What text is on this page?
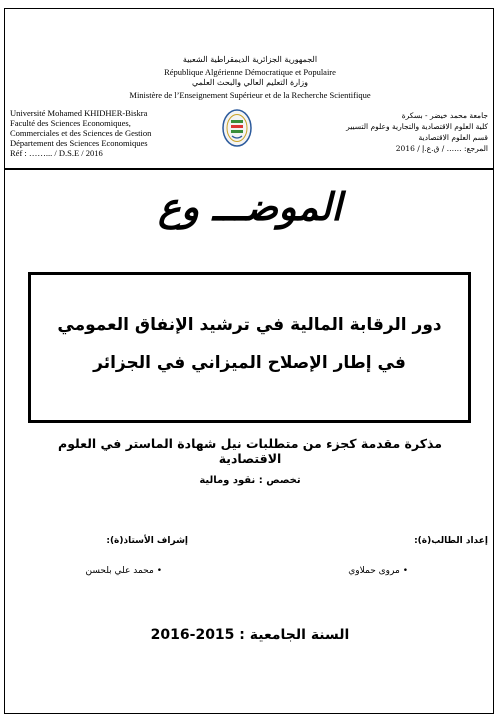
الجمهورية الجزائرية الديمقراطية الشعبية
République Algérienne Démocratique et Populaire
وزارة التعليم العالي والبحث العلمي
Ministère de l’Enseignement Supérieur et de la Recherche Scientifique
Université Mohamed KHIDHER-Biskra
Faculté des Sciences Economiques,
Commerciales et des Sciences de Gestion
Département des Sciences Economiques
Réf : ……... / D.S.E / 2016
جامعة محمد خيضر - بسكرة
كلية العلوم الاقتصادية والتجارية وعلوم التسيير
قسم العلوم الاقتصادية
المرجع: …… / ق.ع.إ / 2016
الموضـــ وع
دور الرقابة المالية في ترشيد الإنفاق العمومي
في إطار الإصلاح الميزاني في الجزائر
مذكرة مقدمة كجزء من متطلبات نيل شهادة الماستر في العلوم الاقتصادية
تخصص : نقود ومالية
إعداد الطالب(ة):
• مروى حملاوي
إشراف الأستاذ(ة):
• محمد علي بلحسن
السنة الجامعية : 2015-2016
